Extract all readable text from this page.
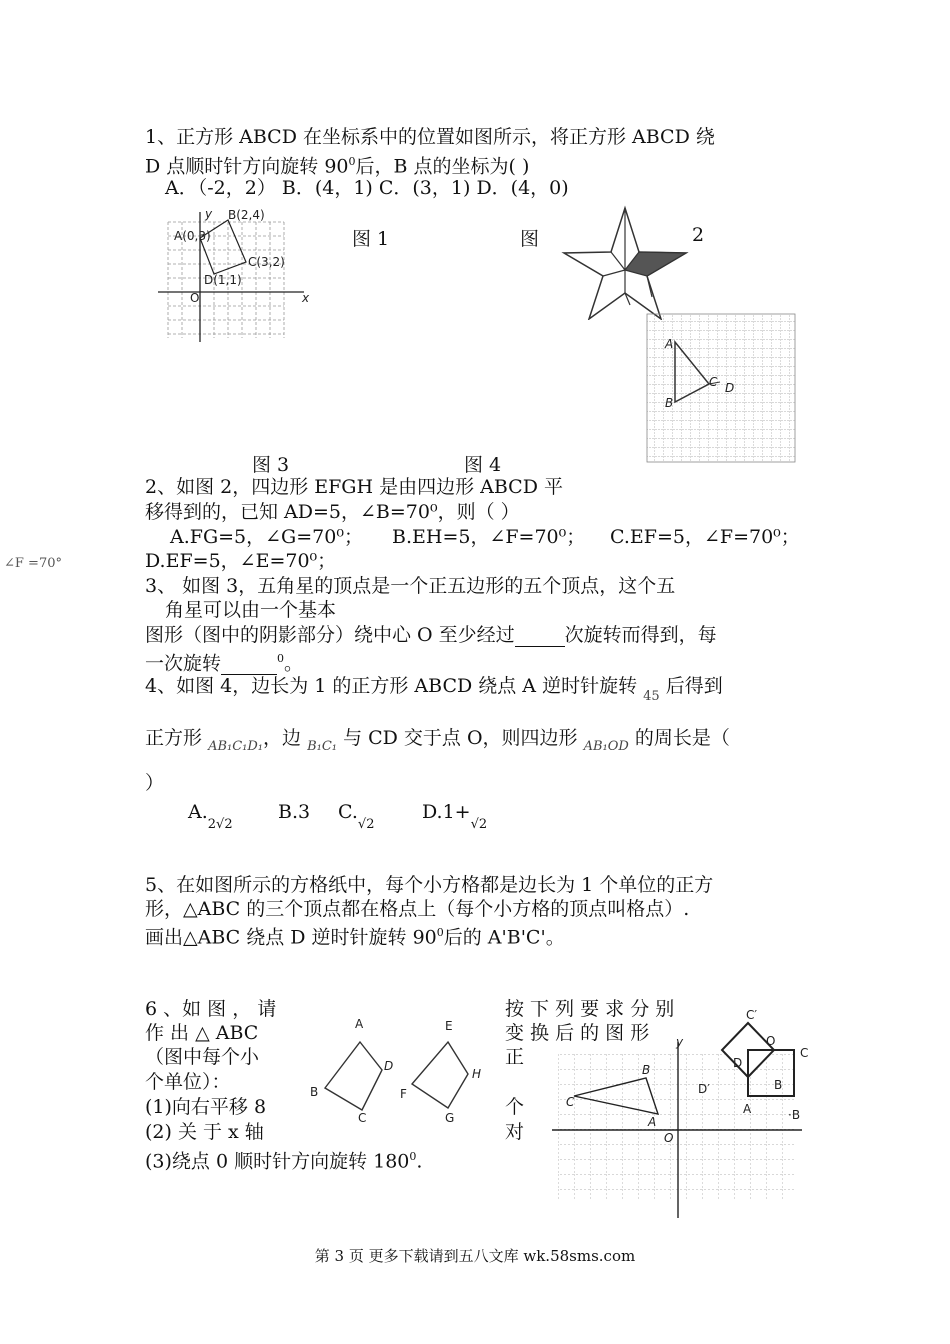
1、正方形 ABCD 在坐标系中的位置如图所示，将正方形 ABCD 绕
D 点顺时针方向旋转 $90^0$后，B 点的坐标为( )
A．（-2，2） B．(4，1) C．(3，1) D．(4，0)
x
y
O
A(0,3)
B(2,4)
C(3,2)
D(1,1)
图 1	图	2
A
B
C D
图 3	图 4
2、如图 2，四边形 EFGH 是由四边形 ABCD 平
移得到的，已知 AD=5，∠B=70⁰，则（ ）
A.FG=5，∠G=70⁰； B.EH=5，∠F=70⁰； C.EF=5，∠F=70⁰；
D.EF=5，∠E=70⁰；
∠F =70°
3、 如图 3，五角星的顶点是一个正五边形的五个顶点，这个五
角星可以由一个基本
图形（图中的阴影部分）绕中心 O 至少经过	次旋转而得到，每
一次旋转	$^0$。
4、如图 4，边长为 1 的正方形 ABCD 绕点 A 逆时针旋转 $_{45}$ 后得到
正方形 $_{AB_1C_1D_1}$，边 $_{B_1C_1}$ 与 CD 交于点 O，则四边形 $_{AB_1OD}$ 的周长是（
）
$A._{2√2}$
B.3 $C._{√2}$
$D.1+_{√2}$
5、在如图所示的方格纸中，每个小方格都是边长为 1 个单位的正方
形，△ABC 的三个顶点都在格点上（每个小方格的顶点叫格点）.
画出△ABC 绕点 D 逆时针旋转 $90^0$后的 A'B'C'。
6 、如 图 ， 请
作 出 △ ABC
（图中每个小
个单位）：
(1)向右平移 8
(2) 关 于 x 轴
(3)绕点 0 顺时针方向旋转 $180^0$.
按 下 列 要 求 分 别
变 换 后 的 图 形
正
个
对
A
B
C
D
E
F
G
H
y
C
B
A
O
C′
O
D
D′	B
C
A	·B
第 3 页 更多下载请到五八文库 wk.58sms.com
